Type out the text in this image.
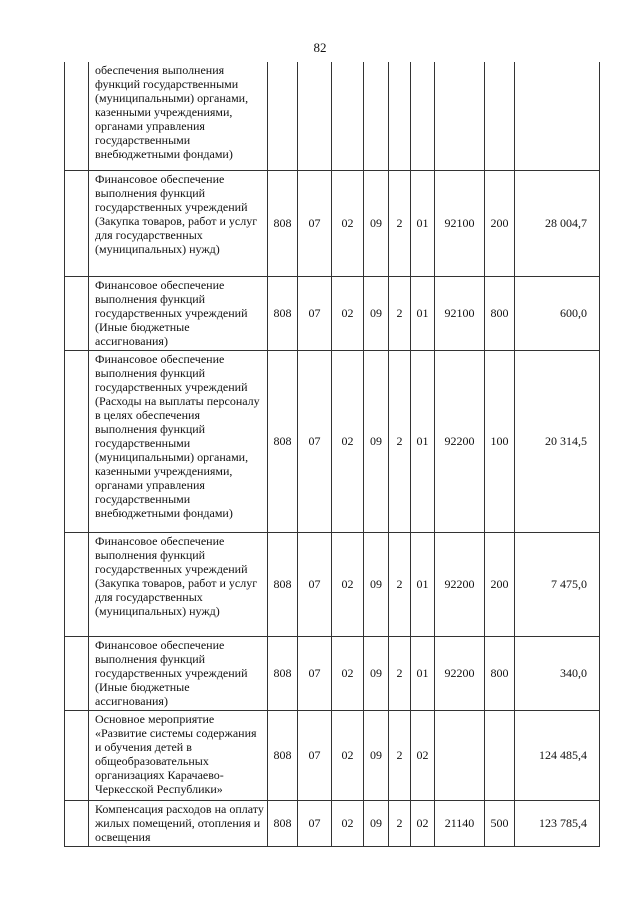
82
	обеспечения выполнения функций государственными (муниципальными) органами, казенными учреждениями, органами управления государственными внебюджетными фондами)									
	Финансовое обеспечение выполнения функций государственных учреждений (Закупка товаров, работ и услуг для государственных (муниципальных) нужд)	808	07	02	09	2	01	92100	200	28 004,7
	Финансовое обеспечение выполнения функций государственных учреждений (Иные бюджетные ассигнования)	808	07	02	09	2	01	92100	800	600,0
	Финансовое обеспечение выполнения функций государственных учреждений (Расходы на выплаты персоналу в целях обеспечения выполнения функций государственными (муниципальными) органами, казенными учреждениями, органами управления государственными внебюджетными фондами)	808	07	02	09	2	01	92200	100	20 314,5
	Финансовое обеспечение выполнения функций государственных учреждений (Закупка товаров, работ и услуг для государственных (муниципальных) нужд)	808	07	02	09	2	01	92200	200	7 475,0
	Финансовое обеспечение выполнения функций государственных учреждений (Иные бюджетные ассигнования)	808	07	02	09	2	01	92200	800	340,0
	Основное мероприятие «Развитие системы содержания и обучения детей в общеобразовательных организациях Карачаево-Черкесской Республики»	808	07	02	09	2	02			124 485,4
	Компенсация расходов на оплату жилых помещений, отопления и освещения	808	07	02	09	2	02	21140	500	123 785,4
